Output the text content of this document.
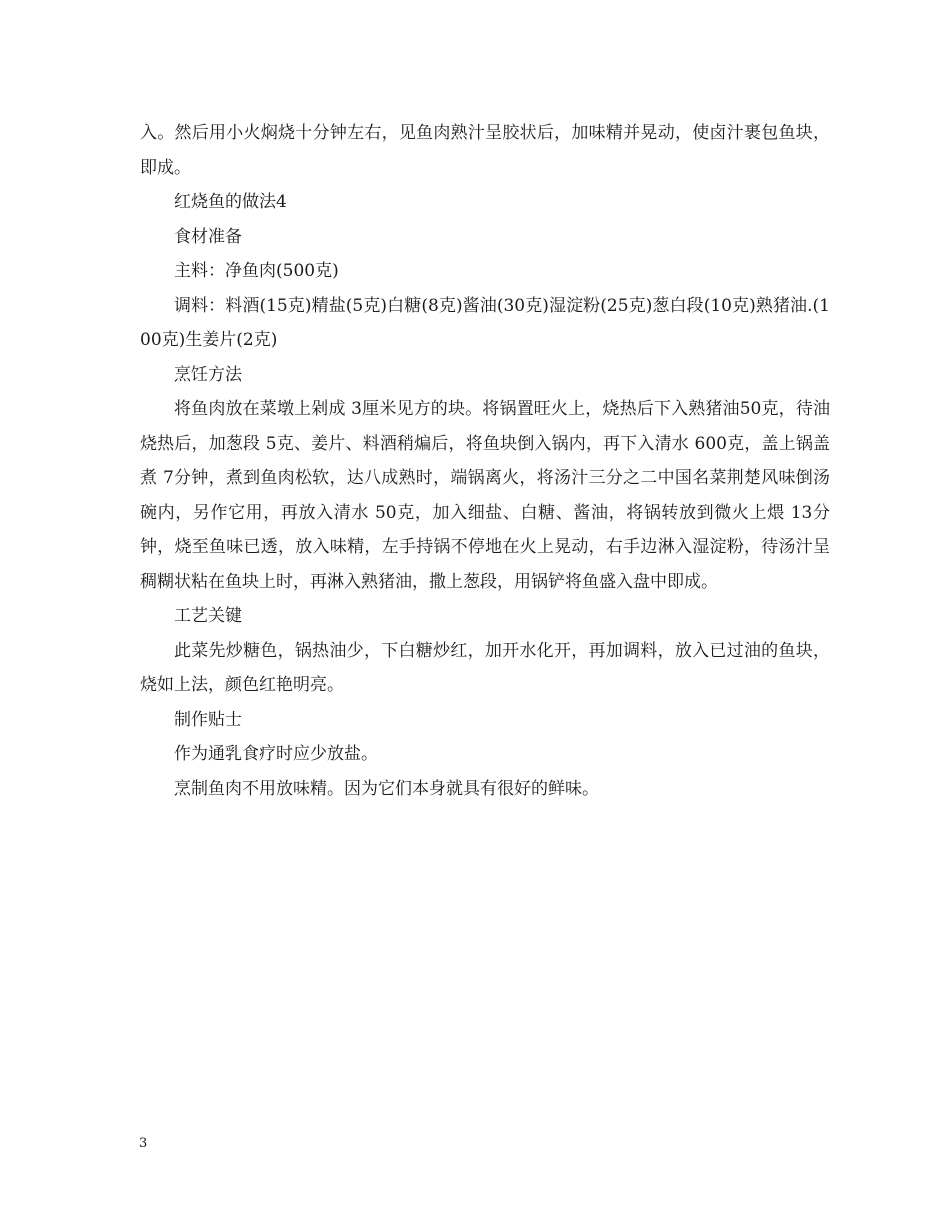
入。然后用小火焖烧十分钟左右，见鱼肉熟汁呈胶状后，加味精并晃动，使卤汁裹包鱼块，即成。

红烧鱼的做法4

食材准备

主料：净鱼肉(500克)

调料：料酒(15克)精盐(5克)白糖(8克)酱油(30克)湿淀粉(25克)葱白段(10克)熟猪油.(100克)生姜片(2克)

烹饪方法

将鱼肉放在菜墩上剁成 3厘米见方的块。将锅置旺火上，烧热后下入熟猪油50克，待油烧热后，加葱段 5克、姜片、料酒稍煸后，将鱼块倒入锅内，再下入清水 600克，盖上锅盖煮 7分钟，煮到鱼肉松软，达八成熟时，端锅离火，将汤汁三分之二中国名菜荆楚风味倒汤碗内，另作它用，再放入清水 50克，加入细盐、白糖、酱油，将锅转放到微火上煨 13分钟，烧至鱼味已透，放入味精，左手持锅不停地在火上晃动，右手边淋入湿淀粉，待汤汁呈稠糊状粘在鱼块上时，再淋入熟猪油，撒上葱段，用锅铲将鱼盛入盘中即成。

工艺关键

此菜先炒糖色，锅热油少，下白糖炒红，加开水化开，再加调料，放入已过油的鱼块，烧如上法，颜色红艳明亮。

制作贴士

作为通乳食疗时应少放盐。

烹制鱼肉不用放味精。因为它们本身就具有很好的鲜味。

3
